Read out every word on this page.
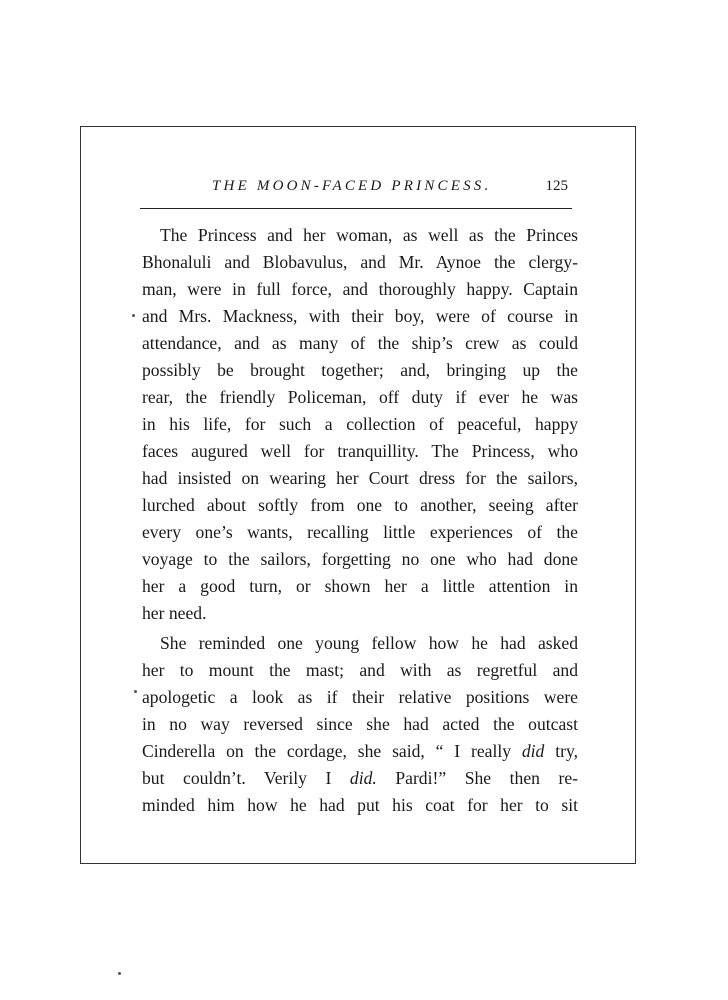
THE MOON-FACED PRINCESS.	125
The Princess and her woman, as well as the Princes
Bhonaluli and Blobavulus, and Mr. Aynoe the clergy-
man, were in full force, and thoroughly happy. Captain
and Mrs. Mackness, with their boy, were of course in
attendance, and as many of the ship’s crew as could
possibly be brought together; and, bringing up the
rear, the friendly Policeman, off duty if ever he was
in his life, for such a collection of peaceful, happy
faces augured well for tranquillity. The Princess, who
had insisted on wearing her Court dress for the sailors,
lurched about softly from one to another, seeing after
every one’s wants, recalling little experiences of the
voyage to the sailors, forgetting no one who had done
her a good turn, or shown her a little attention in
her need.
She reminded one young fellow how he had asked
her to mount the mast; and with as regretful and
apologetic a look as if their relative positions were
in no way reversed since she had acted the outcast
Cinderella on the cordage, she said, “ I really did try,
but couldn’t. Verily I did. Pardi!” She then re-
minded him how he had put his coat for her to sit
